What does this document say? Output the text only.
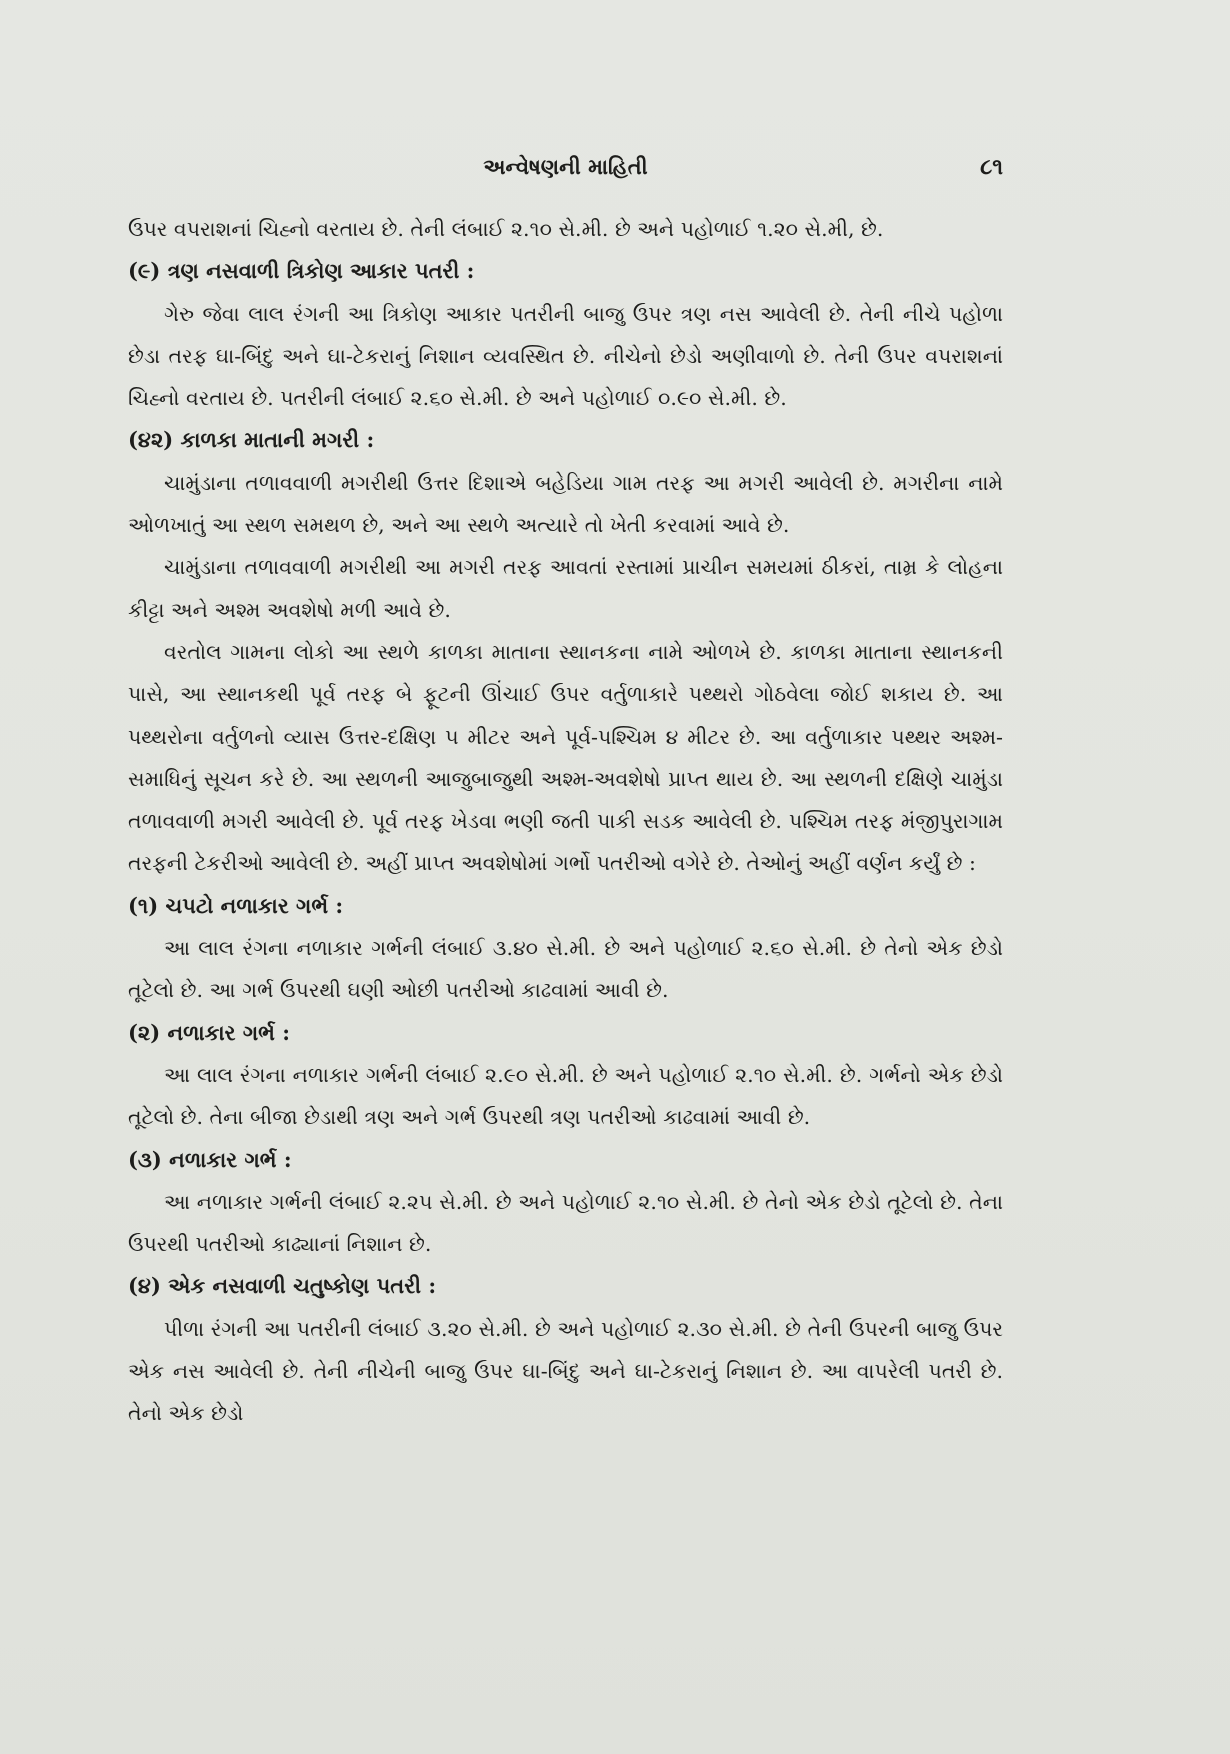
અન્વેષણની માહિતી	૮૧

ઉપર વપરાશનાં ચિહ્નો વરતાય છે. તેની લંબાઈ ૨.૧૦ સે.મી. છે અને પહોળાઈ ૧.૨૦ સે.મી, છે.

(૯) ત્રણ નસવાળી ત્રિકોણ આકાર પતરી :

ગેરુ જેવા લાલ રંગની આ ત્રિકોણ આકાર પતરીની બાજુ ઉપર ત્રણ નસ આવેલી છે. તેની નીચે પહોળા છેડા તરફ ઘા-બિંદુ અને ઘા-ટેકરાનું નિશાન વ્યવસ્થિત છે. નીચેનો છેડો અણીવાળો છે. તેની ઉપર વપરાશનાં ચિહ્નો વરતાય છે. પતરીની લંબાઈ ૨.૬૦ સે.મી. છે અને પહોળાઈ ૦.૯૦ સે.મી. છે.

(૪૨) કાળકા માતાની મગરી :

ચામુંડાના તળાવવાળી મગરીથી ઉત્તર દિશાએ બહેડિયા ગામ તરફ આ મગરી આવેલી છે. મગરીના નામે ઓળખાતું આ સ્થળ સમથળ છે, અને આ સ્થળે અત્યારે તો ખેતી કરવામાં આવે છે.

ચામુંડાના તળાવવાળી મગરીથી આ મગરી તરફ આવતાં રસ્તામાં પ્રાચીન સમયમાં ઠીકરાં, તામ્ર કે લોહના કીટ્ટા અને અશ્મ અવશેષો મળી આવે છે.

વરતોલ ગામના લોકો આ સ્થળે કાળકા માતાના સ્થાનકના નામે ઓળખે છે. કાળકા માતાના સ્થાનકની પાસે, આ સ્થાનકથી પૂર્વ તરફ બે ફૂટની ઊંચાઈ ઉપર વર્તુળાકારે પથ્થરો ગોઠવેલા જોઈ શકાય છે. આ પથ્થરોના વર્તુળનો વ્યાસ ઉત્તર-દક્ષિણ ૫ મીટર અને પૂર્વ-પશ્ચિમ ૪ મીટર છે. આ વર્તુળાકાર પથ્થર અશ્મ-સમાધિનું સૂચન કરે છે. આ સ્થળની આજુબાજુથી અશ્મ-અવશેષો પ્રાપ્ત થાય છે. આ સ્થળની દક્ષિણે ચામુંડા તળાવવાળી મગરી આવેલી છે. પૂર્વ તરફ ખેડવા ભણી જતી પાકી સડક આવેલી છે. પશ્ચિમ તરફ મંજીપુરાગામ તરફની ટેકરીઓ આવેલી છે. અહીં પ્રાપ્ત અવશેષોમાં ગર્ભો પતરીઓ વગેરે છે. તેઓનું અહીં વર્ણન કર્યું છે :

(૧) ચપટો નળાકાર ગર્ભ :

આ લાલ રંગના નળાકાર ગર્ભની લંબાઈ ૩.૪૦ સે.મી. છે અને પહોળાઈ ૨.૬૦ સે.મી. છે તેનો એક છેડો તૂટેલો છે. આ ગર્ભ ઉપરથી ઘણી ઓછી પતરીઓ કાઢવામાં આવી છે.

(૨) નળાકાર ગર્ભ :

આ લાલ રંગના નળાકાર ગર્ભની લંબાઈ ૨.૯૦ સે.મી. છે અને પહોળાઈ ૨.૧૦ સે.મી. છે. ગર્ભનો એક છેડો તૂટેલો છે. તેના બીજા છેડાથી ત્રણ અને ગર્ભ ઉપરથી ત્રણ પતરીઓ કાઢવામાં આવી છે.

(૩) નળાકાર ગર્ભ :

આ નળાકાર ગર્ભની લંબાઈ ૨.૨૫ સે.મી. છે અને પહોળાઈ ૨.૧૦ સે.મી. છે તેનો એક છેડો તૂટેલો છે. તેના ઉપરથી પતરીઓ કાઢ્યાનાં નિશાન છે.

(૪) એક નસવાળી ચતુષ્કોણ પતરી :

પીળા રંગની આ પતરીની લંબાઈ ૩.૨૦ સે.મી. છે અને પહોળાઈ ૨.૩૦ સે.મી. છે તેની ઉપરની બાજુ ઉપર એક નસ આવેલી છે. તેની નીચેની બાજુ ઉપર ઘા-બિંદુ અને ઘા-ટેકરાનું નિશાન છે. આ વાપરેલી પતરી છે. તેનો એક છેડો
